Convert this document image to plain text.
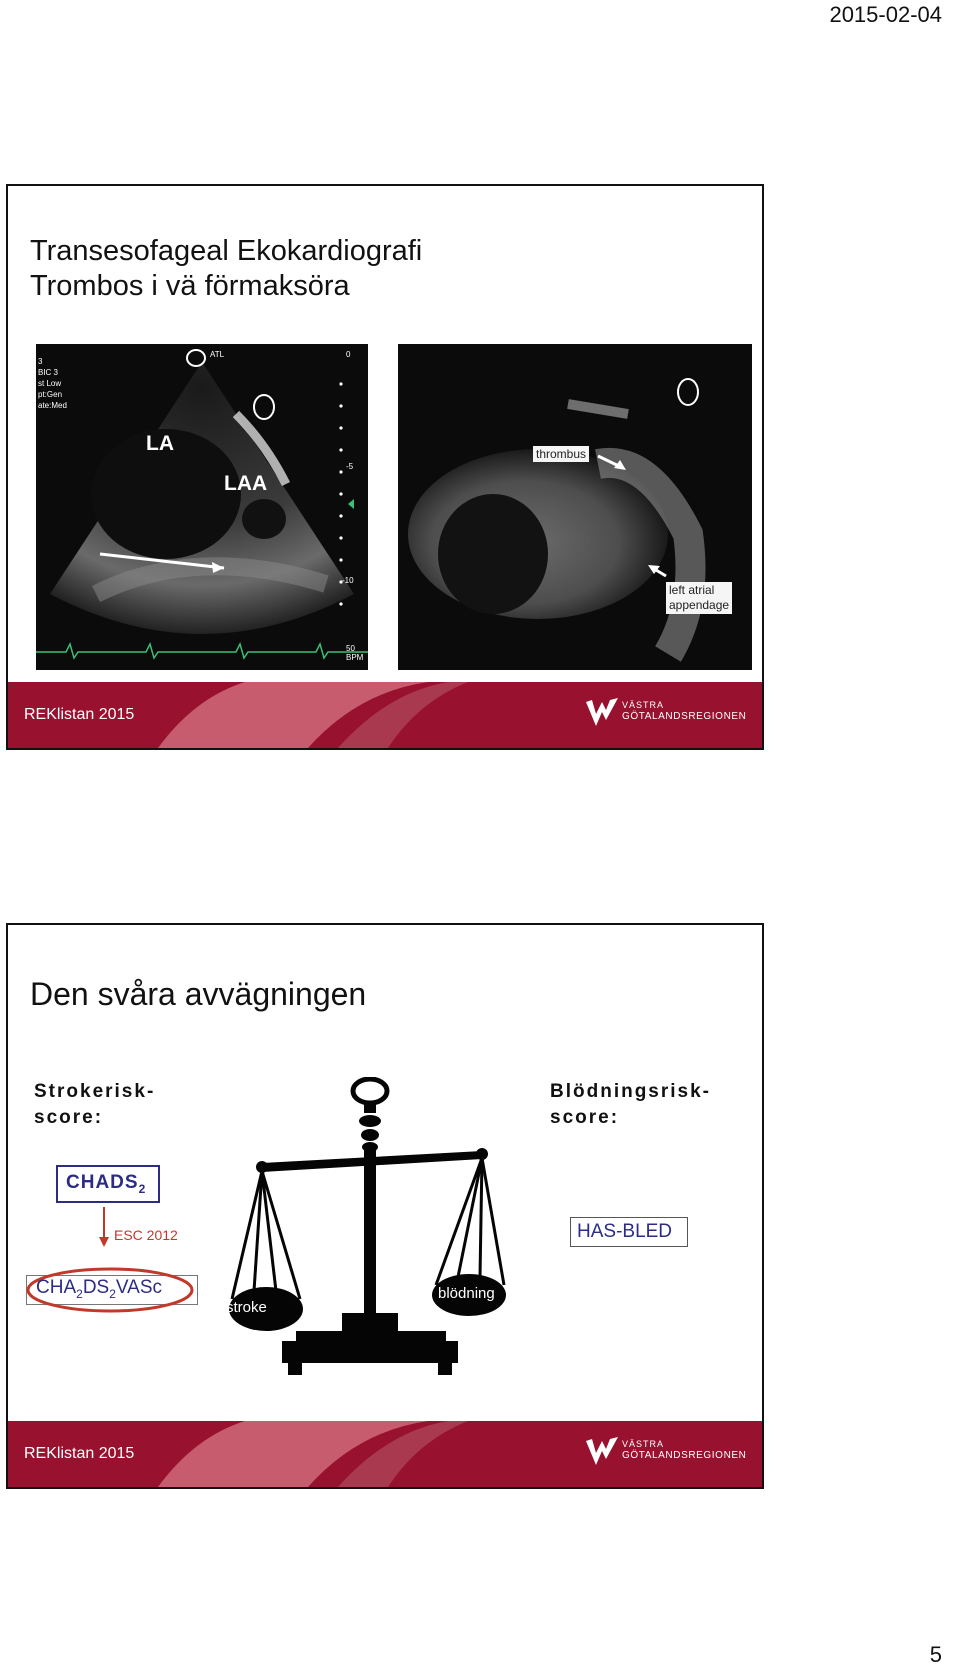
2015-02-04
Transesofageal Ekokardiografi
Trombos i vä förmaksöra
LA
LAA
ATL
3
BIC 3
st Low
pt:Gen
ate:Med
0
-5
-10
50
BPM
thrombus
left atrial
appendage
REKlistan 2015
VÄSTRA
GÖTALANDSREGIONEN
Den svåra avvägningen
Strokerisk-
score:
Blödningsrisk-
score:
$CHADS_2$
ESC 2012
$CHA_2DS_2VASc$
HAS-BLED
stroke
blödning
REKlistan 2015
VÄSTRA
GÖTALANDSREGIONEN
5
